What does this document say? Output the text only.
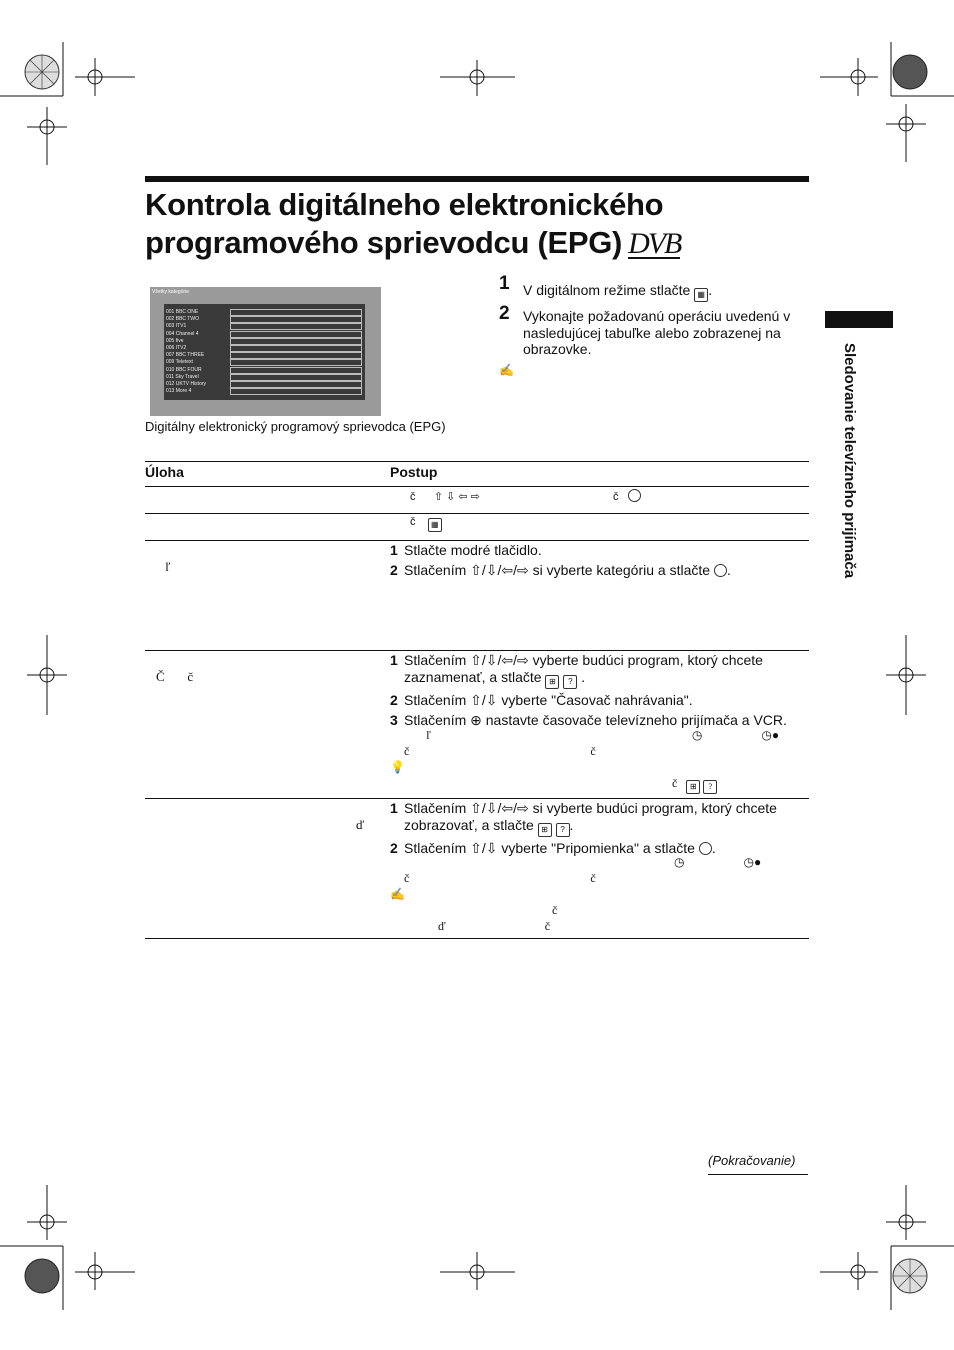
Kontrola digitálneho elektronického
programového sprievodcu (EPG) DVB
Všetky kategórie
001 BBC ONE
002 BBC TWO
003 ITV1
004 Channel 4
005 five
006 ITV2
007 BBC THREE
009 Teletext
010 BBC FOUR
011 Sky Travel
012 UKTV History
013 More 4
Digitálny elektronický programový sprievodca (EPG)
1 V digitálnom režime stlačte ▦ .
2 Vykonajte požadovanú operáciu uvedenú v nasledujúcej tabuľke alebo zobrazenej na obrazovke.
✍	Sledovanie televízneho prijímača
Úloha	Postup
č      ⇧ ⇩ ⇦ ⇨	č
č    ▦
ľ
1 Stlačte modré tlačidlo.
2 Stlačením ⇧/⇩/⇦/⇨ si vyberte kategóriu a stlačte .
Č       č
1 Stlačením ⇧/⇩/⇦/⇨ vyberte budúci program, ktorý chcete zaznamenať, a stlačte ⊞ ? .
2 Stlačením ⇧/⇩ vyberte "Časovač nahrávania".
3 Stlačením ⊕ nastavte časovače televízneho prijímača a VCR.
ľ	◷	◷●
č	č
💡
č   ⊞ ?
ď
1 Stlačením ⇧/⇩/⇦/⇨ si vyberte budúci program, ktorý chcete zobrazovať, a stlačte ⊞ ? .
2 Stlačením ⇧/⇩ vyberte "Pripomienka" a stlačte .
◷	◷●
č	č
✍
č
ď	č
(Pokračovanie)
